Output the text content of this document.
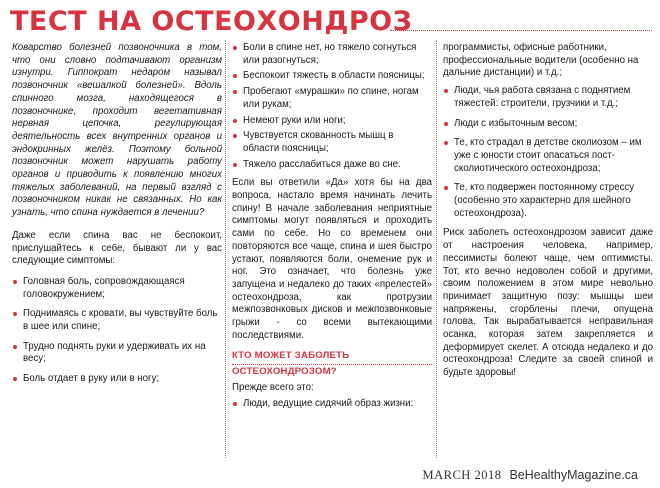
ТЕСТ НА ОСТЕОХОНДРОЗ

Коварство болезней позвоночника в том, что они словно подтачивают организм изнутри. Гиппократ недаром называл позвоночник «вешалкой болезней». Вдоль спинного мозга, находящегося в позвоночнике, проходит вегетативная нервная цепочка, регулирующая деятельность всех внутренних органов и эндокринных желёз. Поэтому больной позвоночник может нарушать работу органов и приводить к появлению многих тяжелых заболеваний, на первый взгляд с позвоночником никак не связанных. Но как узнать, что спина нуждается в лечении?

Даже если спина вас не беспокоит, прислушайтесь к себе, бывают ли у вас следующие симптомы:

Головная боль, сопровождающаяся головокружением;
Поднимаясь с кровати, вы чувствуйте боль в шее или спине;
Трудно поднять руки и удерживать их на весу;
Боль отдает в руку или в ногу;
Боли в спине нет, но тяжело согнуться или разогнуться;
Беспокоит тяжесть в области поясницы;
Пробегают «мурашки» по спине, ногам или рукам;
Немеют руки или ноги;
Чувствуется скованность мышц в области поясницы;
Тяжело расслабиться даже во сне.

Если вы ответили «Да» хотя бы на два вопроса, настало время начинать лечить спину! В начале заболевания неприятные симптомы могут появляться и проходить сами по себе. Но со временем они повторяются все чаще, спина и шея быстро устают, появляются боли, онемение рук и ног. Это означает, что болезнь уже запущена и недалеко до таких «прелестей» остеохондроза, как протрузии межпозвонковых дисков и межпозвонковые грыжи - со всеми вытекающими последствиями.

КТО МОЖЕТ ЗАБОЛЕТЬ
ОСТЕОХОНДРОЗОМ?

Прежде всего это:

Люди, ведущие сидячий образ жизни:

программисты, офисные работники, профессиональные водители (особенно на дальние дистанции) и т.д.;

Люди, чья работа связана с поднятием тяжестей: строители, грузчики и т.д.;
Люди с избыточным весом;
Те, кто страдал в детстве сколиозом – им уже с юности стоит опасаться пост-сколиотического остеохондроза;
Те, кто подвержен постоянному стрессу (особенно это характерно для шейного остеохондроза).

Риск заболеть остеохондрозом зависит даже от настроения человека, например, пессимисты болеют чаще, чем оптимисты. Тот, кто вечно недоволен собой и другими, своим положением в этом мире невольно принимает защитную позу: мышцы шеи напряжены, сгорблены плечи, опущена голова. Так вырабатывается неправильная осанка, которая затем закрепляется и деформирует скелет. А отсюда недалеко и до остеохондроза! Следите за своей спиной и будьте здоровы!

MARCH 2018 BeHealthyMagazine.ca
